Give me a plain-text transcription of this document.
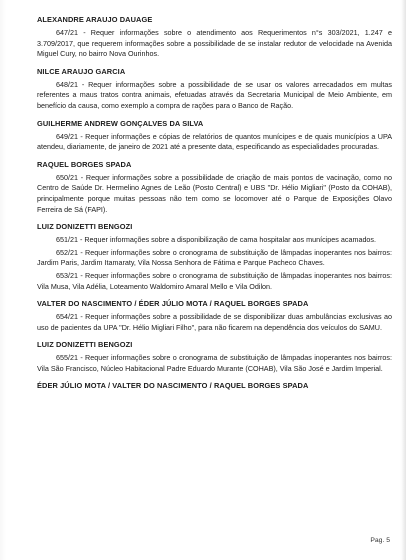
ALEXANDRE ARAUJO DAUAGE
647/21 - Requer informações sobre o atendimento aos Requerimentos n°s 303/2021, 1.247 e 3.709/2017, que requerem informações sobre a possibilidade de se instalar redutor de velocidade na Avenida Miguel Cury, no bairro Nova Ourinhos.
NILCE ARAUJO GARCIA
648/21 - Requer informações sobre a possibilidade de se usar os valores arrecadados em multas referentes a maus tratos contra animais, efetuadas através da Secretaria Municipal de Meio Ambiente, em benefício da causa, como exemplo a compra de rações para o Banco de Ração.
GUILHERME ANDREW GONÇALVES DA SILVA
649/21 - Requer informações e cópias de relatórios de quantos munícipes e de quais municípios a UPA atendeu, diariamente, de janeiro de 2021 até a presente data, especificando as especialidades procuradas.
RAQUEL BORGES SPADA
650/21 - Requer informações sobre a possibilidade de criação de mais pontos de vacinação, como no Centro de Saúde Dr. Hermelino Agnes de Leão (Posto Central) e UBS "Dr. Hélio Migliari" (Posto da COHAB), principalmente porque muitas pessoas não tem como se locomover até o Parque de Exposições Olavo Ferreira de Sá (FAPI).
LUIZ DONIZETTI BENGOZI
651/21 - Requer informações sobre a disponibilização de cama hospitalar aos munícipes acamados.
652/21 - Requer informações sobre o cronograma de substituição de lâmpadas inoperantes nos bairros: Jardim Paris, Jardim Itamaraty, Vila Nossa Senhora de Fátima e Parque Pacheco Chaves.
653/21 - Requer informações sobre o cronograma de substituição de lâmpadas inoperantes nos bairros: Vila Musa, Vila Adélia, Loteamento Waldomiro Amaral Mello e Vila Odilon.
VALTER DO NASCIMENTO / ÉDER JÚLIO MOTA / RAQUEL BORGES SPADA
654/21 - Requer informações sobre a possibilidade de se disponibilizar duas ambulâncias exclusivas ao uso de pacientes da UPA "Dr. Hélio Migliari Filho", para não ficarem na dependência dos veículos do SAMU.
LUIZ DONIZETTI BENGOZI
655/21 - Requer informações sobre o cronograma de substituição de lâmpadas inoperantes nos bairros: Vila São Francisco, Núcleo Habitacional Padre Eduardo Murante (COHAB), Vila São José e Jardim Imperial.
ÉDER JÚLIO MOTA / VALTER DO NASCIMENTO / RAQUEL BORGES SPADA
Pag. 5
